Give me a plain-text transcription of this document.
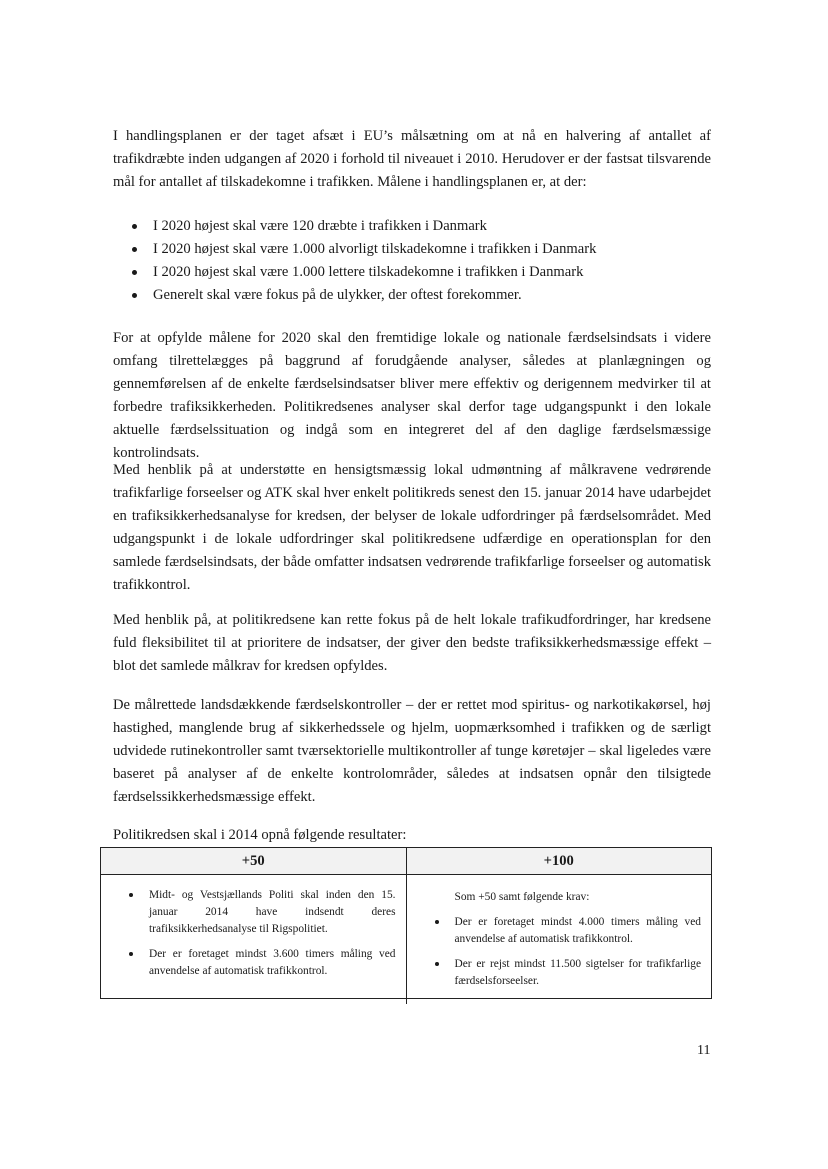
I handlingsplanen er der taget afsæt i EU’s målsætning om at nå en halvering af antallet af trafikdræbte inden udgangen af 2020 i forhold til niveauet i 2010. Herudover er der fastsat tilsvarende mål for antallet af tilskadekomne i trafikken. Målene i handlingsplanen er, at der:

I 2020 højest skal være 120 dræbte i trafikken i Danmark
I 2020 højest skal være 1.000 alvorligt tilskadekomne i trafikken i Danmark
I 2020 højest skal være 1.000 lettere tilskadekomne i trafikken i Danmark
Generelt skal være fokus på de ulykker, der oftest forekommer.

For at opfylde målene for 2020 skal den fremtidige lokale og nationale færdselsindsats i videre omfang tilrettelægges på baggrund af forudgående analyser, således at planlægningen og gennemførelsen af de enkelte færdselsindsatser bliver mere effektiv og derigennem medvirker til at forbedre trafiksikkerheden. Politikredsenes analyser skal derfor tage udgangspunkt i den lokale aktuelle færdselssituation og indgå som en integreret del af den daglige færdselsmæssige kontrolindsats.

Med henblik på at understøtte en hensigtsmæssig lokal udmøntning af målkravene vedrørende trafikfarlige forseelser og ATK skal hver enkelt politikreds senest den 15. januar 2014 have udarbejdet en trafiksikkerhedsanalyse for kredsen, der belyser de lokale udfordringer på færdselsområdet. Med udgangspunkt i de lokale udfordringer skal politikredsene udfærdige en operationsplan for den samlede færdselsindsats, der både omfatter indsatsen vedrørende trafikfarlige forseelser og automatisk trafikkontrol.

Med henblik på, at politikredsene kan rette fokus på de helt lokale trafikudfordringer, har kredsene fuld fleksibilitet til at prioritere de indsatser, der giver den bedste trafiksikkerhedsmæssige effekt – blot det samlede målkrav for kredsen opfyldes.

De målrettede landsdækkende færdselskontroller – der er rettet mod spiritus- og narkotikakørsel, høj hastighed, manglende brug af sikkerhedssele og hjelm, uopmærksomhed i trafikken og de særligt udvidede rutinekontroller samt tværsektorielle multikontroller af tunge køretøjer – skal ligeledes være baseret på analyser af de enkelte kontrolområder, således at indsatsen opnår den tilsigtede færdselssikkerhedsmæssige effekt.

Politikredsen skal i 2014 opnå følgende resultater:

+50	+100
Midt- og Vestsjællands Politi skal inden den 15. januar 2014 have indsendt deres trafiksikkerhedsanalyse til Rigspolitiet.
Der er foretaget mindst 3.600 timers måling ved anvendelse af automatisk trafikkontrol.

Som +50 samt følgende krav:

Der er foretaget mindst 4.000 timers måling ved anvendelse af automatisk trafikkontrol.
Der er rejst mindst 11.500 sigtelser for trafikfarlige færdselsforseelser.

11
